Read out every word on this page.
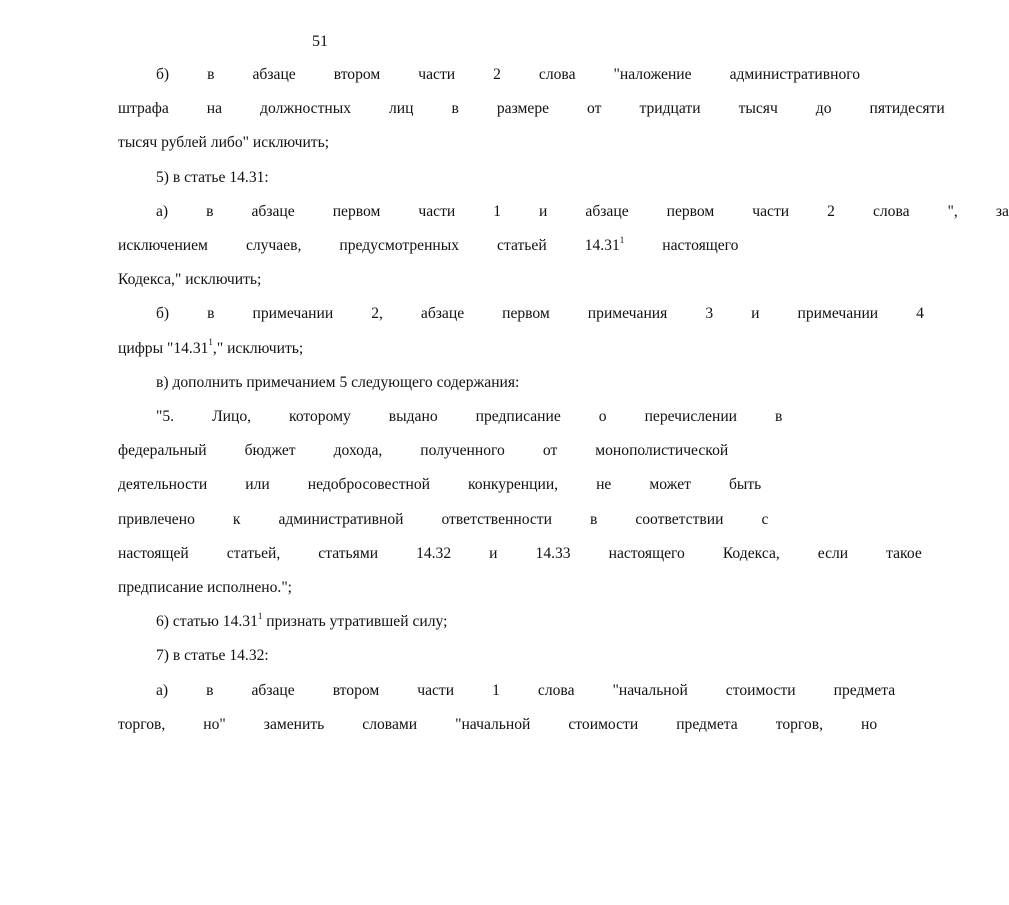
51
б)	в	абзаце	втором	части	2	слова	"наложение	административного
штрафа	на	должностных	лиц	в	размере	от	тридцати	тысяч	до	пятидесяти
тысяч рублей либо" исключить;
5) в статье 14.31:
а)	в	абзаце	первом	части	1	и	абзаце	первом	части	2	слова	",	за
исключением	случаев,	предусмотренных	статьей	14.31$^1$	настоящего
Кодекса," исключить;
б)	в	примечании	2,	абзаце	первом	примечания	3	и	примечании	4
цифры "14.31$^1$," исключить;
в) дополнить примечанием 5 следующего содержания:
"5.	Лицо,	которому	выдано	предписание	о	перечислении	в
федеральный	бюджет	дохода,	полученного	от	монополистической
деятельности	или	недобросовестной	конкуренции,	не	может	быть
привлечено	к	административной	ответственности	в	соответствии	с
настоящей	статьей,	статьями	14.32	и	14.33	настоящего	Кодекса,	если	такое
предписание исполнено.";
6) статью 14.31$^1$ признать утратившей силу;
7) в статье 14.32:
а)	в	абзаце	втором	части	1	слова	"начальной	стоимости	предмета
торгов,	но"	заменить	словами	"начальной	стоимости	предмета	торгов,	но
